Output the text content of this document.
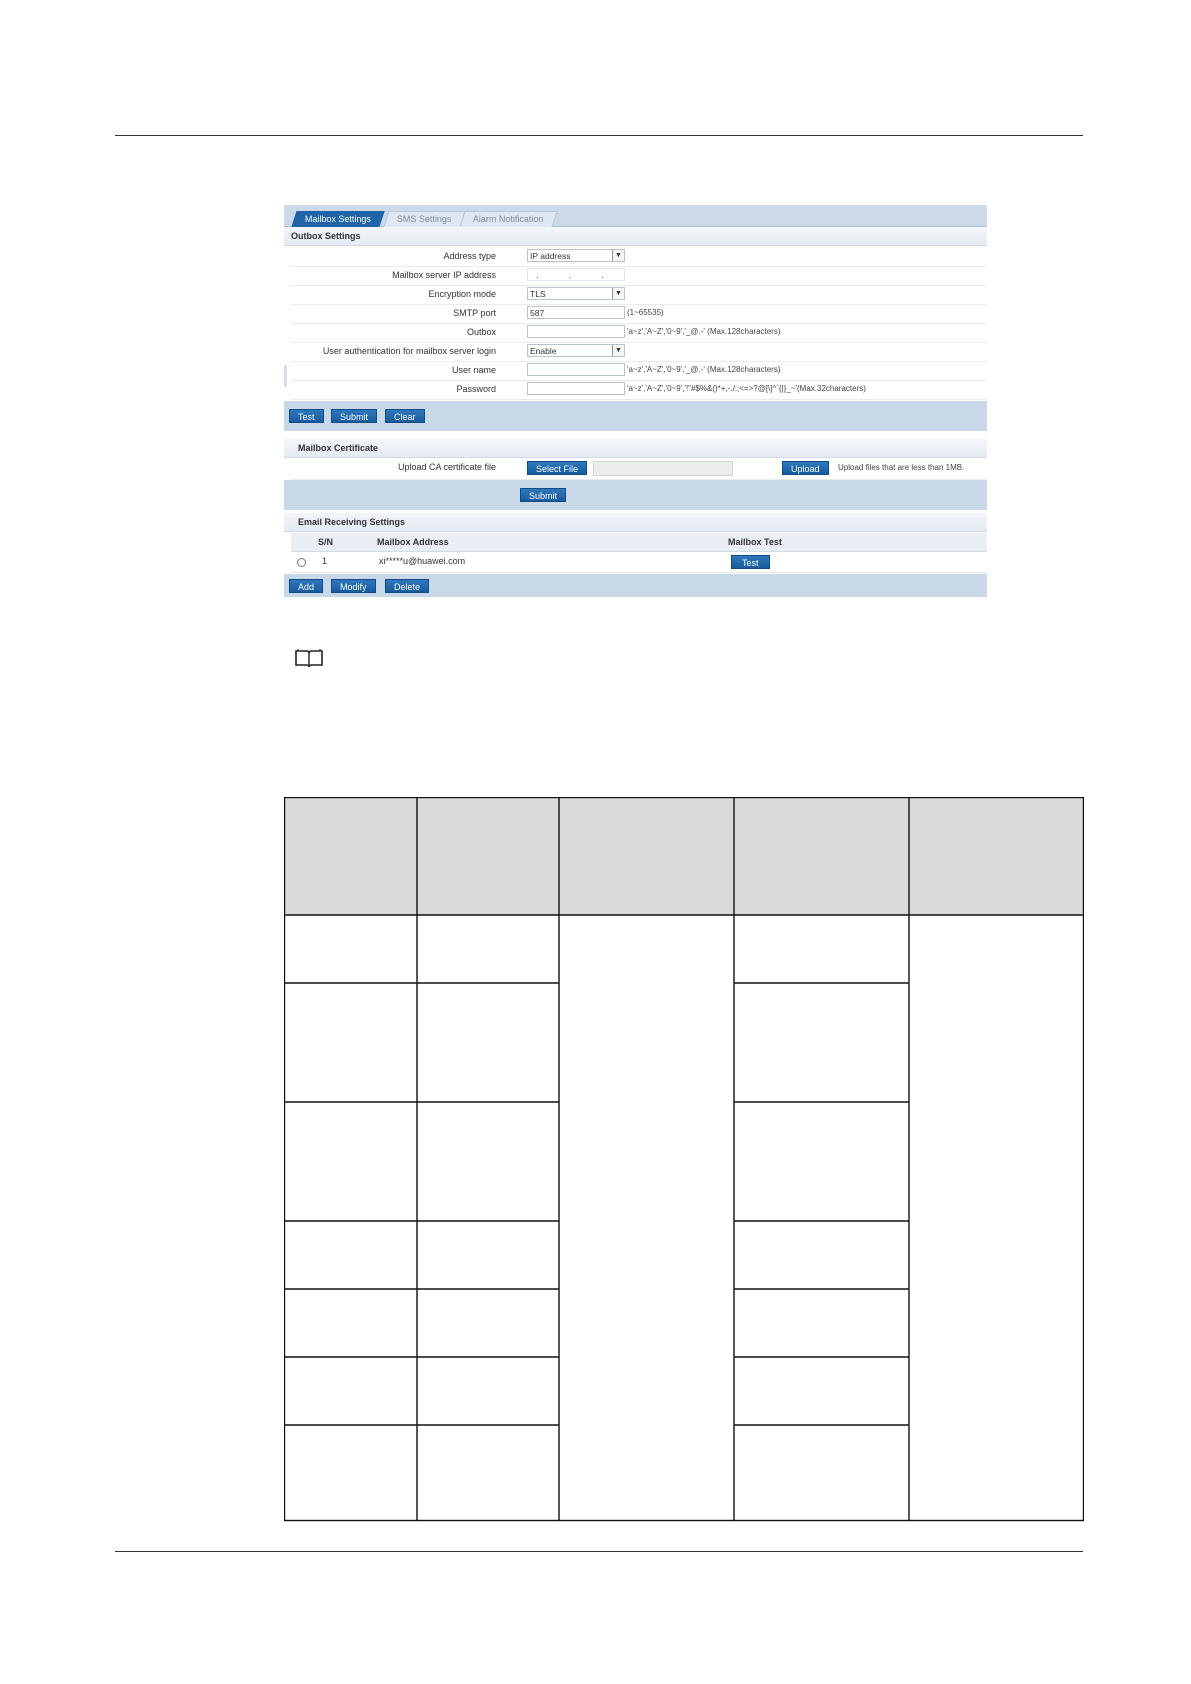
Mailbox Settings	SMS Settings	Alarm Notification
Outbox Settings
Address type	IP address	▼
Mailbox server IP address	. . .
Encryption mode	TLS	▼
SMTP port	587	(1~65535)
Outbox	'a~z','A~Z','0~9','_@.-' (Max.128characters)
User authentication for mailbox server login	Enable	▼
User name	'a~z','A~Z','0~9','_@.-' (Max.128characters)
Password	'a~z','A~Z','0~9','!"#$%&()*+,-./:;<=>?@[\]^`{|}_~'(Max.32characters)
Test	Submit	Clear
Mailbox Certificate
Upload CA certificate file	Select File	Upload	Upload files that are less than 1MB.
Submit
Email Receiving Settings
S/N	Mailbox Address	Mailbox Test
1	xi*****u@huawei.com	Test
Add	Modify	Delete
